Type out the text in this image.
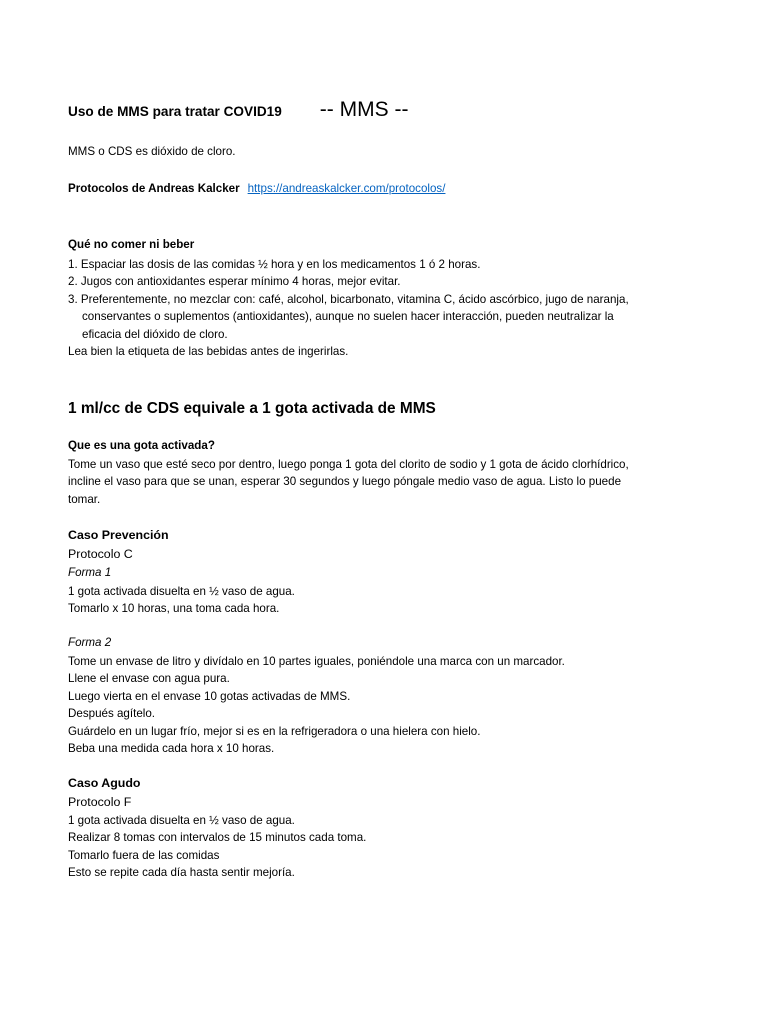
Uso de MMS para tratar COVID19 -- MMS --
MMS o CDS es dióxido de cloro.
Protocolos de Andreas Kalcker https://andreaskalcker.com/protocolos/
Qué no comer ni beber
1. Espaciar las dosis de las comidas ½ hora y en los medicamentos 1 ó 2 horas.
2. Jugos con antioxidantes esperar mínimo 4 horas, mejor evitar.
3. Preferentemente, no mezclar con: café, alcohol, bicarbonato, vitamina C, ácido ascórbico, jugo de naranja,
conservantes o suplementos (antioxidantes), aunque no suelen hacer interacción, pueden neutralizar la
eficacia del dióxido de cloro.
Lea bien la etiqueta de las bebidas antes de ingerirlas.
1 ml/cc de CDS equivale a 1 gota activada de MMS
Que es una gota activada?
Tome un vaso que esté seco por dentro, luego ponga 1 gota del clorito de sodio y 1 gota de ácido clorhídrico,
incline el vaso para que se unan, esperar 30 segundos y luego póngale medio vaso de agua. Listo lo puede
tomar.
Caso Prevención
Protocolo C
Forma 1
1 gota activada disuelta en ½ vaso de agua.
Tomarlo x 10 horas, una toma cada hora.
Forma 2
Tome un envase de litro y divídalo en 10 partes iguales, poniéndole una marca con un marcador.
Llene el envase con agua pura.
Luego vierta en el envase 10 gotas activadas de MMS.
Después agítelo.
Guárdelo en un lugar frío, mejor si es en la refrigeradora o una hielera con hielo.
Beba una medida cada hora x 10 horas.
Caso Agudo
Protocolo F
1 gota activada disuelta en ½ vaso de agua.
Realizar 8 tomas con intervalos de 15 minutos cada toma.
Tomarlo fuera de las comidas
Esto se repite cada día hasta sentir mejoría.
